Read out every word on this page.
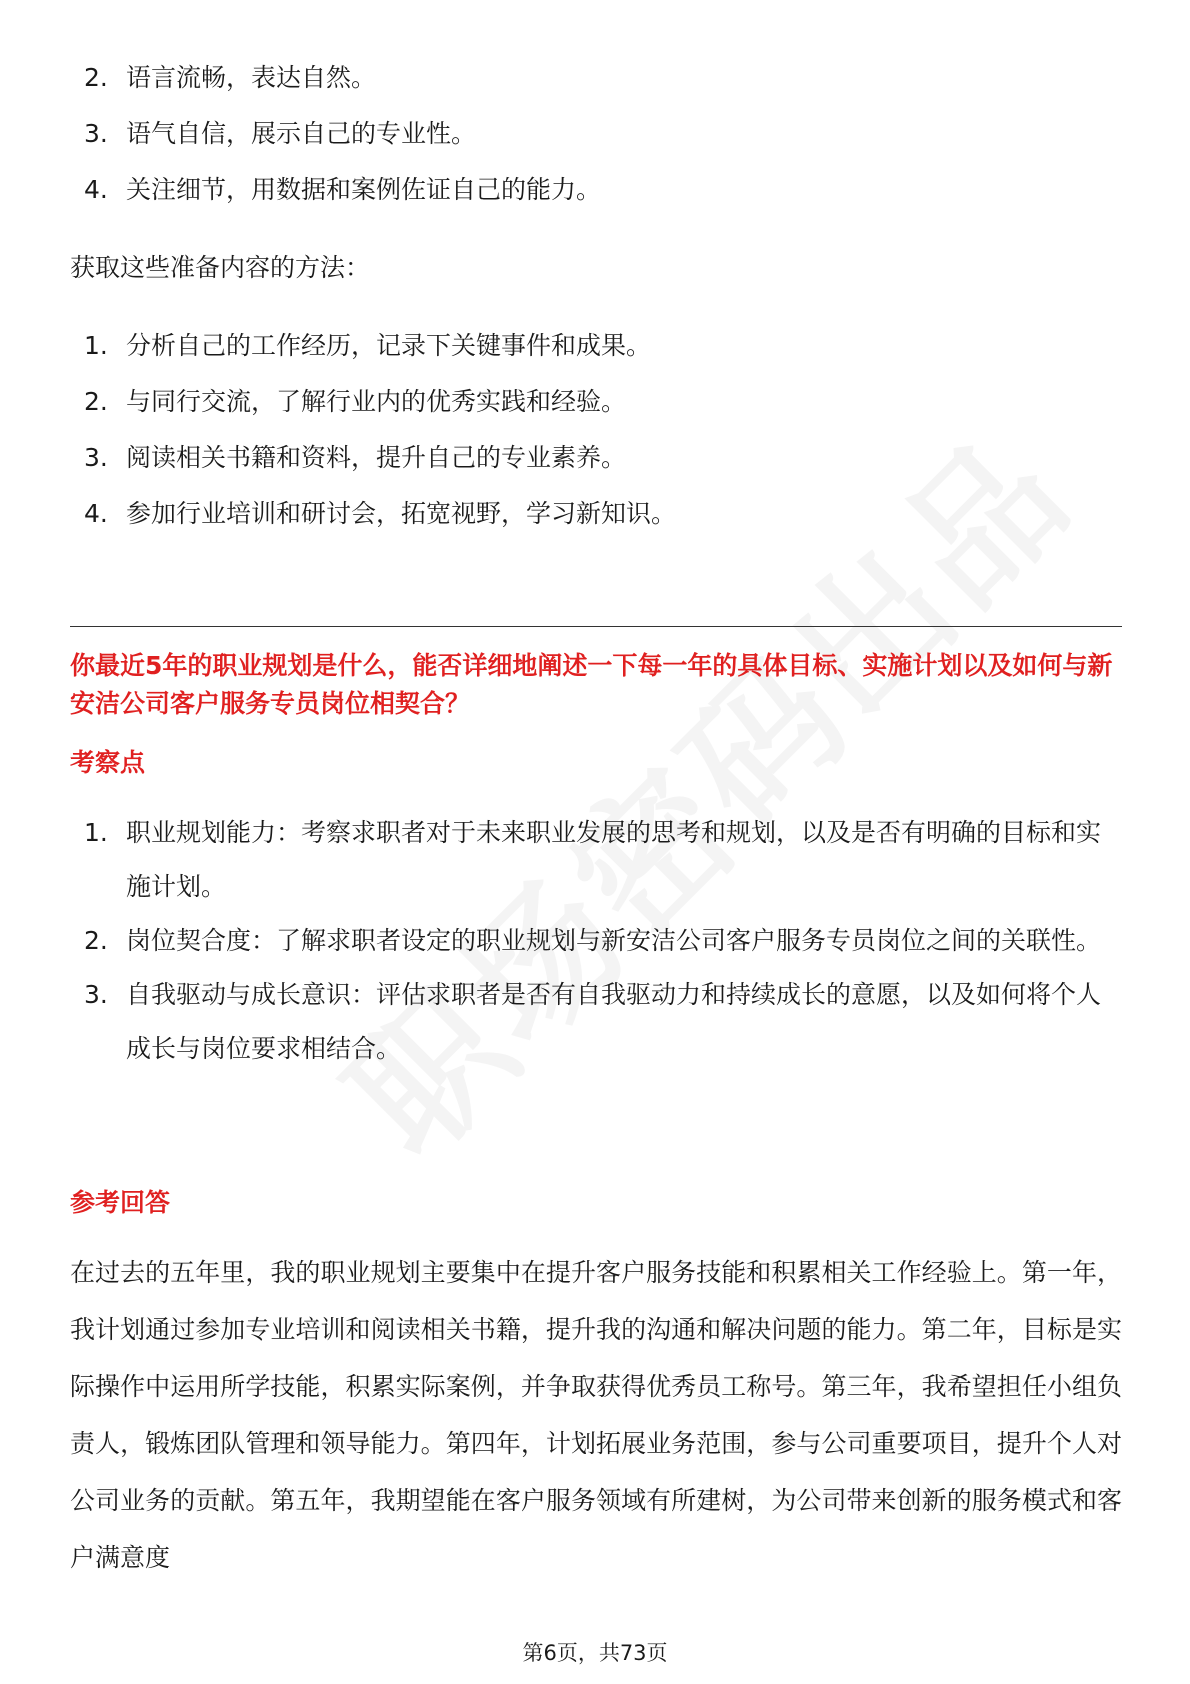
2. 语言流畅，表达自然。
3. 语气自信，展示自己的专业性。
4. 关注细节，用数据和案例佐证自己的能力。

获取这些准备内容的方法：

1. 分析自己的工作经历，记录下关键事件和成果。
2. 与同行交流，了解行业内的优秀实践和经验。
3. 阅读相关书籍和资料，提升自己的专业素养。
4. 参加行业培训和研讨会，拓宽视野，学习新知识。

你最近5年的职业规划是什么，能否详细地阐述一下每一年的具体目标、实施计划以及如何与新安洁公司客户服务专员岗位相契合？

考察点

1. 职业规划能力：考察求职者对于未来职业发展的思考和规划，以及是否有明确的目标和实施计划。
2. 岗位契合度：了解求职者设定的职业规划与新安洁公司客户服务专员岗位之间的关联性。
3. 自我驱动与成长意识：评估求职者是否有自我驱动力和持续成长的意愿，以及如何将个人成长与岗位要求相结合。

参考回答

在过去的五年里，我的职业规划主要集中在提升客户服务技能和积累相关工作经验上。第一年，我计划通过参加专业培训和阅读相关书籍，提升我的沟通和解决问题的能力。第二年，目标是实际操作中运用所学技能，积累实际案例，并争取获得优秀员工称号。第三年，我希望担任小组负责人，锻炼团队管理和领导能力。第四年，计划拓展业务范围，参与公司重要项目，提升个人对公司业务的贡献。第五年，我期望能在客户服务领域有所建树，为公司带来创新的服务模式和客户满意度

第6页，共73页
